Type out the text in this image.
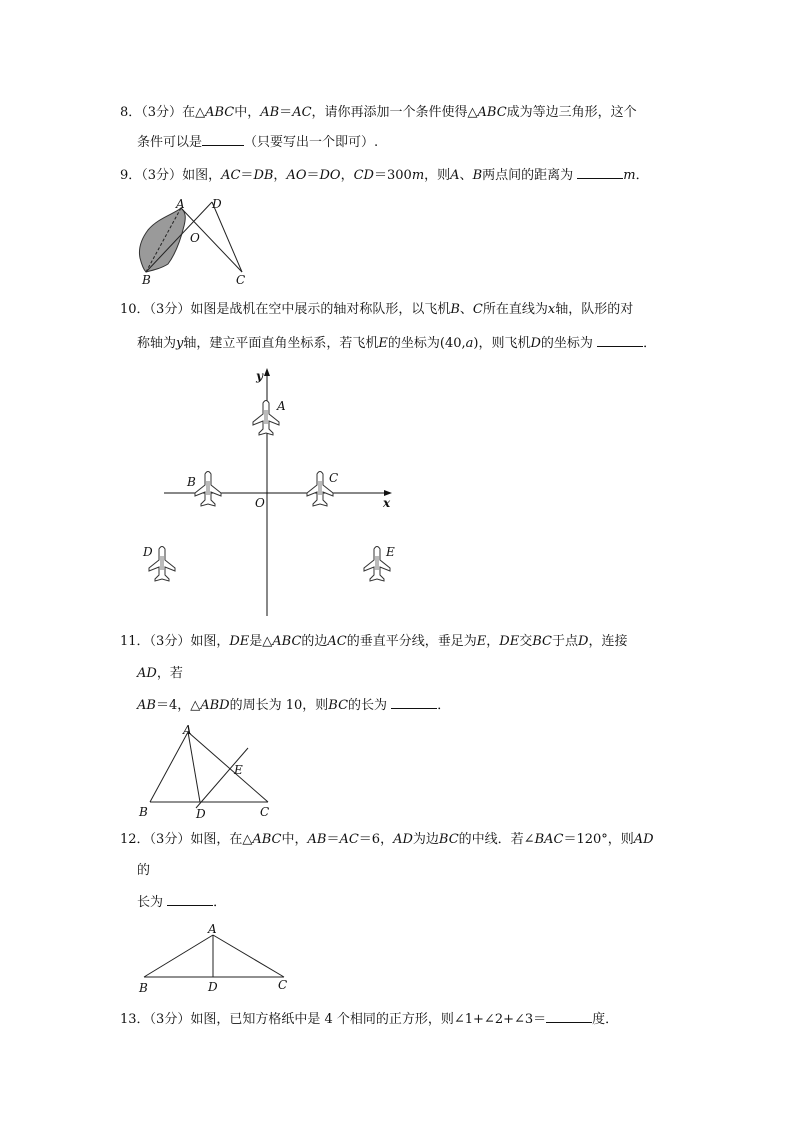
8．（3分）在△ABC中，AB＝AC，请你再添加一个条件使得△ABC成为等边三角形，这个
条件可以是	（只要写出一个即可）.
9．（3分）如图，AC＝DB，AO＝DO，CD＝300m，则A、B两点间的距离为	m．
A D
O
B	C
10．（3分）如图是战机在空中展示的轴对称队形，以飞机B、C所在直线为x轴，队形的对
称轴为y轴，建立平面直角坐标系，若飞机E的坐标为(40,a)，则飞机D的坐标为	．
y
x
O
A
B	C
D	E
11．（3分）如图，DE是△ABC的边AC的垂直平分线，垂足为E，DE交BC于点D，连接
AD，若
AB＝4，△ABD的周长为 10，则BC的长为	．
A
E
B	D	C
12．（3分）如图，在△ABC中，AB＝AC＝6，AD为边BC的中线．若∠BAC＝120°，则AD
的
长为	．
A
B	D	C
13．（3分）如图，已知方格纸中是 4 个相同的正方形，则∠1+∠2+∠3＝	度．
